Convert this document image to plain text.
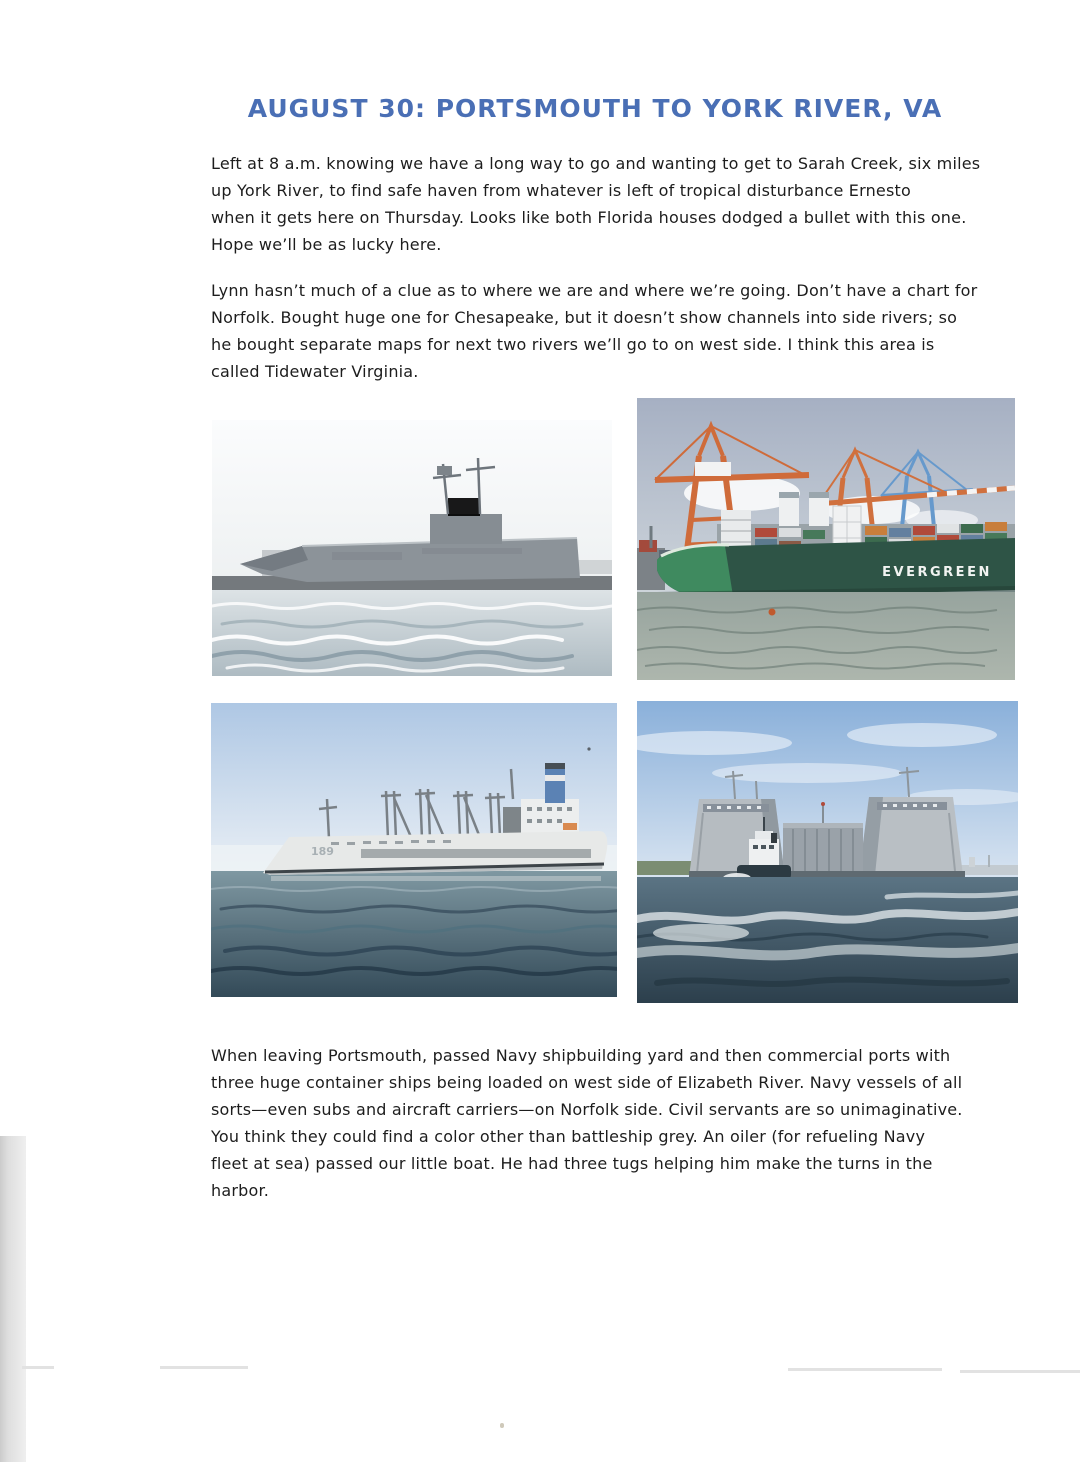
AUGUST 30: PORTSMOUTH TO YORK RIVER, VA
Left at 8 a.m. knowing we have a long way to go and wanting to get to Sarah Creek, six miles
up York River, to find safe haven from whatever is left of tropical disturbance Ernesto
when it gets here on Thursday. Looks like both Florida houses dodged a bullet with this one.
Hope we’ll be as lucky here.
Lynn hasn’t much of a clue as to where we are and where we’re going. Don’t have a chart for
Norfolk. Bought huge one for Chesapeake, but it doesn’t show channels into side rivers; so
he bought separate maps for next two rivers we’ll go to on west side. I think this area is
called Tidewater Virginia.
When leaving Portsmouth, passed Navy shipbuilding yard and then commercial ports with
three huge container ships being loaded on west side of Elizabeth River. Navy vessels of all
sorts—even subs and aircraft carriers—on Norfolk side. Civil servants are so unimaginative.
You think they could find a color other than battleship grey. An oiler (for refueling Navy
fleet at sea) passed our little boat. He had three tugs helping him make the turns in the
harbor.
EVERGREEN
189
